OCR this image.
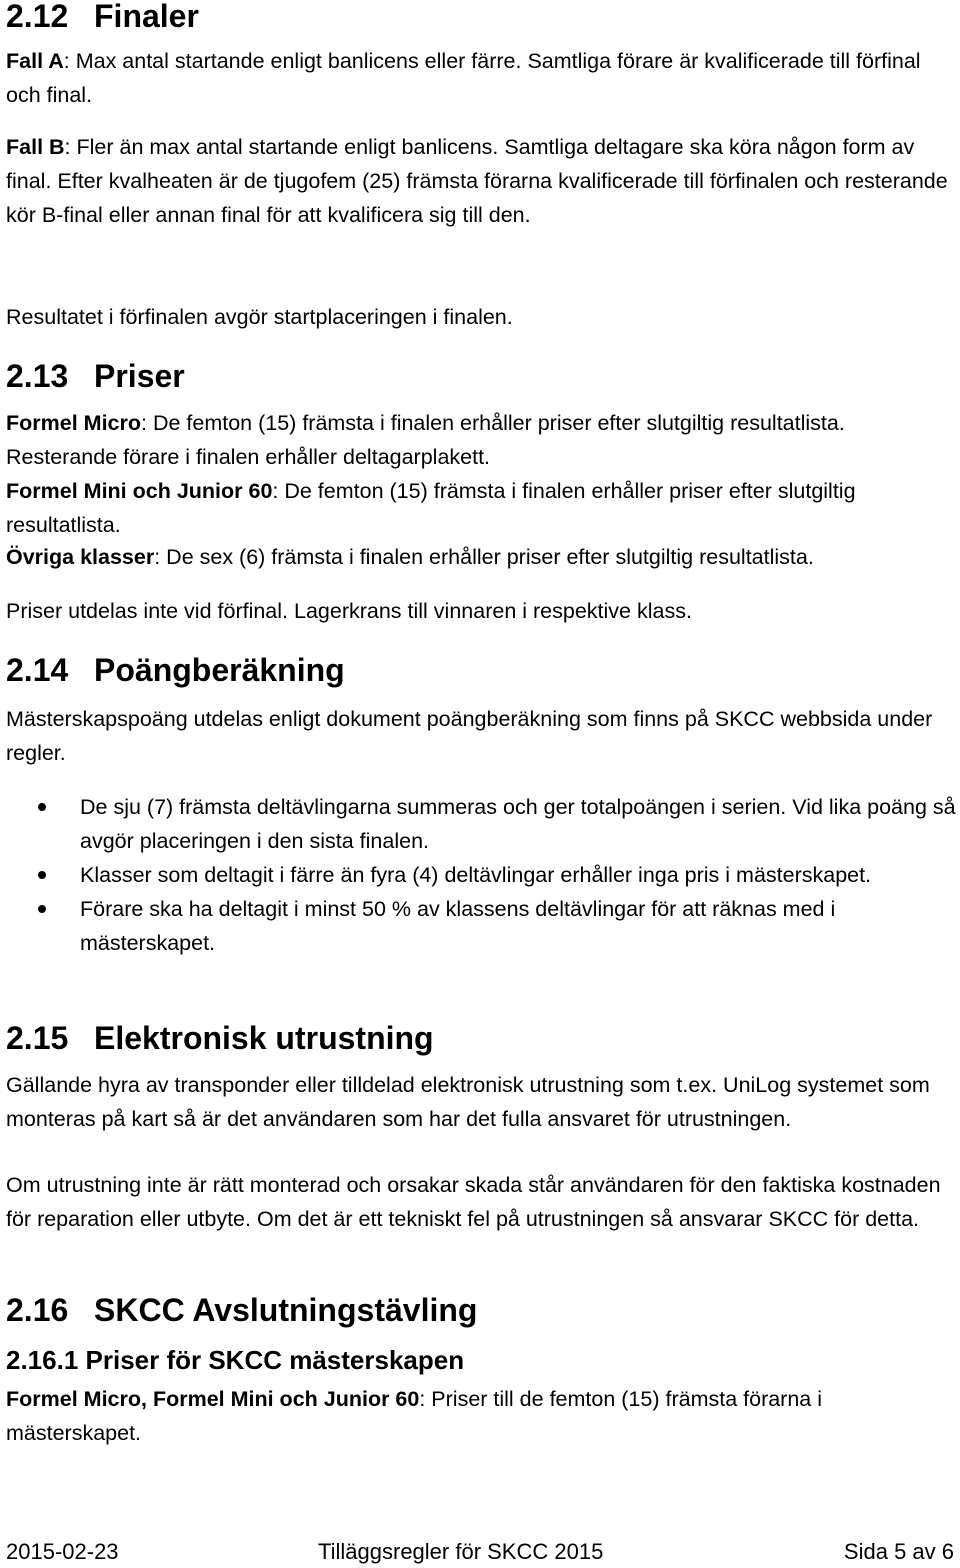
2.12 Finaler

Fall A: Max antal startande enligt banlicens eller färre. Samtliga förare är kvalificerade till förfinal och final.

Fall B: Fler än max antal startande enligt banlicens. Samtliga deltagare ska köra någon form av final. Efter kvalheaten är de tjugofem (25) främsta förarna kvalificerade till förfinalen och resterande kör B-final eller annan final för att kvalificera sig till den.

Resultatet i förfinalen avgör startplaceringen i finalen.

2.13 Priser

Formel Micro: De femton (15) främsta i finalen erhåller priser efter slutgiltig resultatlista. Resterande förare i finalen erhåller deltagarplakett.

Formel Mini och Junior 60: De femton (15) främsta i finalen erhåller priser efter slutgiltig resultatlista.

Övriga klasser: De sex (6) främsta i finalen erhåller priser efter slutgiltig resultatlista.

Priser utdelas inte vid förfinal. Lagerkrans till vinnaren i respektive klass.

2.14 Poängberäkning

Mästerskapspoäng utdelas enligt dokument poängberäkning som finns på SKCC webbsida under regler.

De sju (7) främsta deltävlingarna summeras och ger totalpoängen i serien. Vid lika poäng så avgör placeringen i den sista finalen.
Klasser som deltagit i färre än fyra (4) deltävlingar erhåller inga pris i mästerskapet.
Förare ska ha deltagit i minst 50 % av klassens deltävlingar för att räknas med i mästerskapet.
2.15 Elektronisk utrustning

Gällande hyra av transponder eller tilldelad elektronisk utrustning som t.ex. UniLog systemet som monteras på kart så är det användaren som har det fulla ansvaret för utrustningen.

Om utrustning inte är rätt monterad och orsakar skada står användaren för den faktiska kostnaden för reparation eller utbyte. Om det är ett tekniskt fel på utrustningen så ansvarar SKCC för detta.

2.16 SKCC Avslutningstävling
2.16.1 Priser för SKCC mästerskapen

Formel Micro, Formel Mini och Junior 60: Priser till de femton (15) främsta förarna i mästerskapet.

2015-02-23	Tilläggsregler för SKCC 2015	Sida 5 av 6
